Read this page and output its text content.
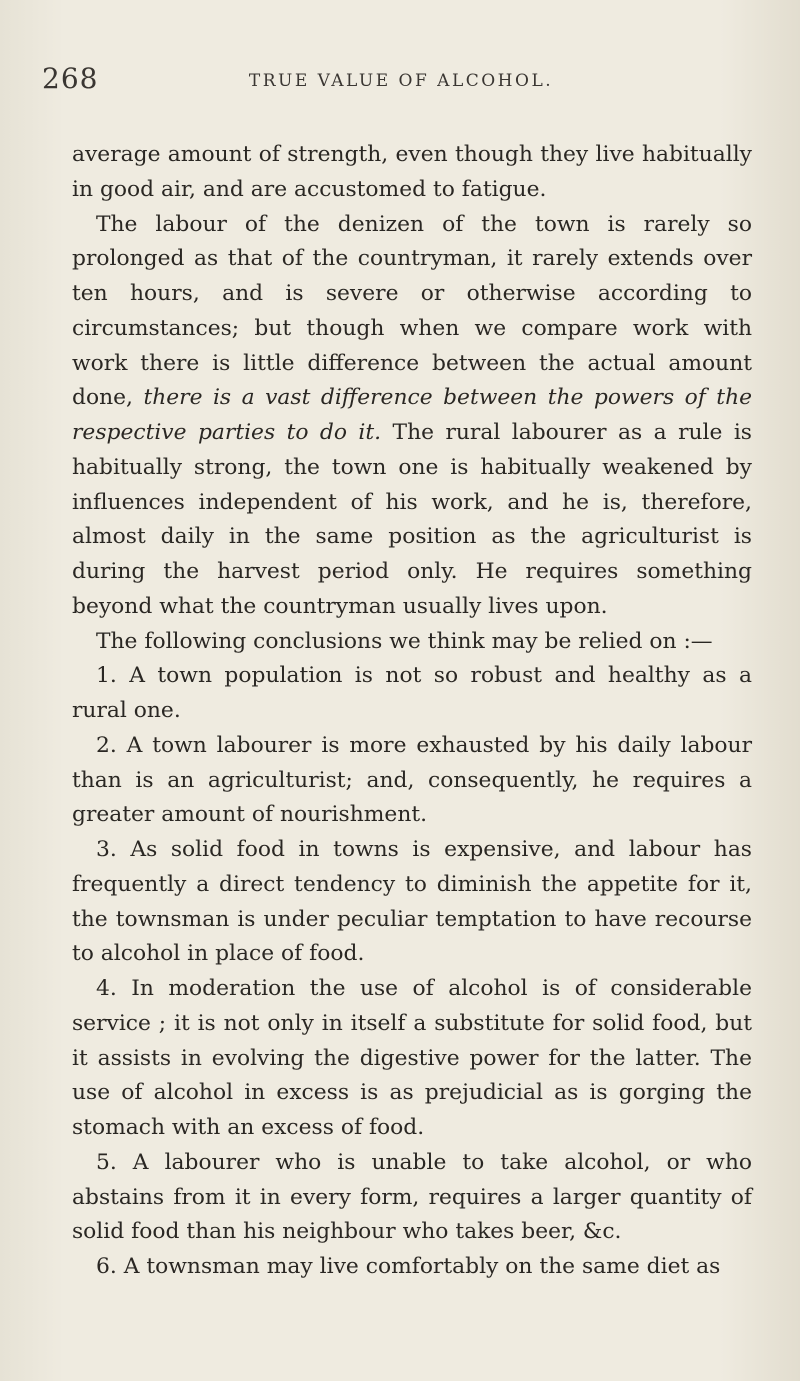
268	TRUE VALUE OF ALCOHOL.

average amount of strength, even though they live habitually in good air, and are accustomed to fatigue.

The labour of the denizen of the town is rarely so prolonged as that of the countryman, it rarely extends over ten hours, and is severe or otherwise according to circumstances; but though when we compare work with work there is little difference between the actual amount done, there is a vast difference between the powers of the respective parties to do it. The rural labourer as a rule is habitually strong, the town one is habitually weakened by influences independent of his work, and he is, therefore, almost daily in the same position as the agriculturist is during the harvest period only. He requires something beyond what the countryman usually lives upon.

The following conclusions we think may be relied on :—

1. A town population is not so robust and healthy as a rural one.

2. A town labourer is more exhausted by his daily labour than is an agriculturist; and, consequently, he requires a greater amount of nourishment.

3. As solid food in towns is expensive, and labour has frequently a direct tendency to diminish the appetite for it, the townsman is under peculiar temptation to have recourse to alcohol in place of food.

4. In moderation the use of alcohol is of considerable service ; it is not only in itself a substitute for solid food, but it assists in evolving the digestive power for the latter. The use of alcohol in excess is as prejudicial as is gorging the stomach with an excess of food.

5. A labourer who is unable to take alcohol, or who abstains from it in every form, requires a larger quantity of solid food than his neighbour who takes beer, &c.

6. A townsman may live comfortably on the same diet as
